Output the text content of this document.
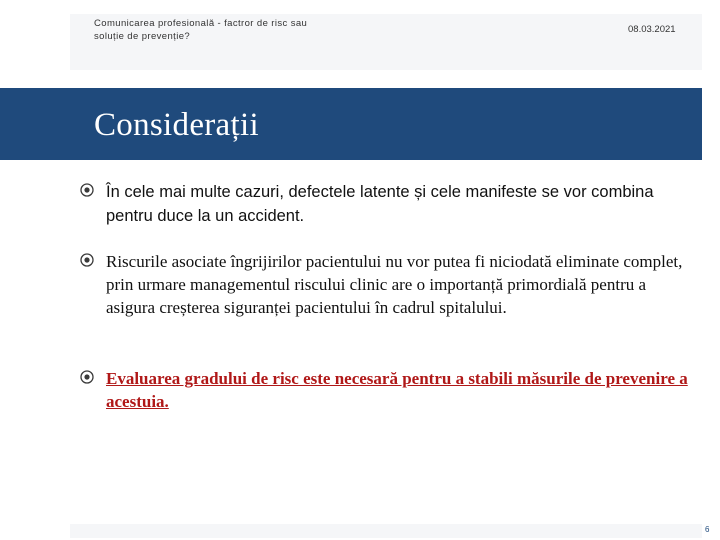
Comunicarea profesională - factror de risc sau soluție de prevenție?
08.03.2021
Considerații

În cele mai multe cazuri, defectele latente și cele manifeste se vor combina pentru duce la un accident.

Riscurile asociate îngrijirilor pacientului nu vor putea fi niciodată eliminate complet, prin urmare managementul riscului clinic are o importanță primordială pentru a asigura creșterea siguranței pacientului în cadrul spitalului.

Evaluarea gradului de risc este necesară pentru a stabili măsurile de prevenire a acestuia.

6
